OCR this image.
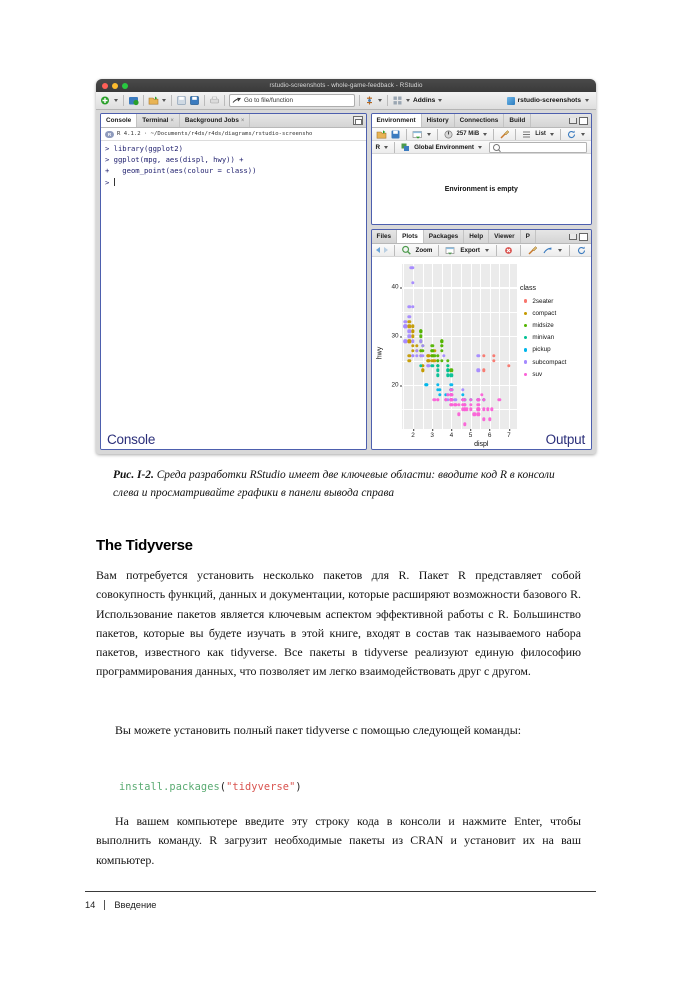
rstudio-screenshots - whole-game-feedback - RStudio
Go to file/function	Addins	rstudio-screenshots
Console Terminal × Background Jobs ×
R	R 4.1.2 · ~/Documents/r4ds/r4ds/diagrams/rstudio-screensho
> library(ggplot2)
> ggplot(mpg, aes(displ, hwy)) +
+   geom_point(aes(colour = class))
>
Console
Environment History Connections Build
257 MiB	List
R	Global Environment
Environment is empty
Files Plots Packages Help Viewer P
Zoom	Export
hwy
displ
20
30
40
2 3 4 5 6 7
class
2seater
compact
midsize
minivan
pickup
subcompact
suv
Output
Рис. I-2. Среда разработки RStudio имеет две ключевые области: вводите код R в консоли слева и просматривайте графики в панели вывода справа
The Tidyverse
Вам потребуется установить несколько пакетов для R. Пакет R представляет собой совокупность функций, данных и документации, которые расширяют возможности базового R. Использование пакетов является ключевым аспектом эффективной работы с R. Большинство пакетов, которые вы будете изучать в этой книге, входят в состав так называемого набора пакетов, известного как tidyverse. Все пакеты в tidyverse реализуют единую философию программирования данных, что позволяет им легко взаимодействовать друг с другом.
Вы можете установить полный пакет tidyverse с помощью следующей команды:
install.packages("tidyverse")
На вашем компьютере введите эту строку кода в консоли и нажмите Enter, чтобы выполнить команду. R загрузит необходимые пакеты из CRAN и установит их на ваш компьютер.
14 Введение
